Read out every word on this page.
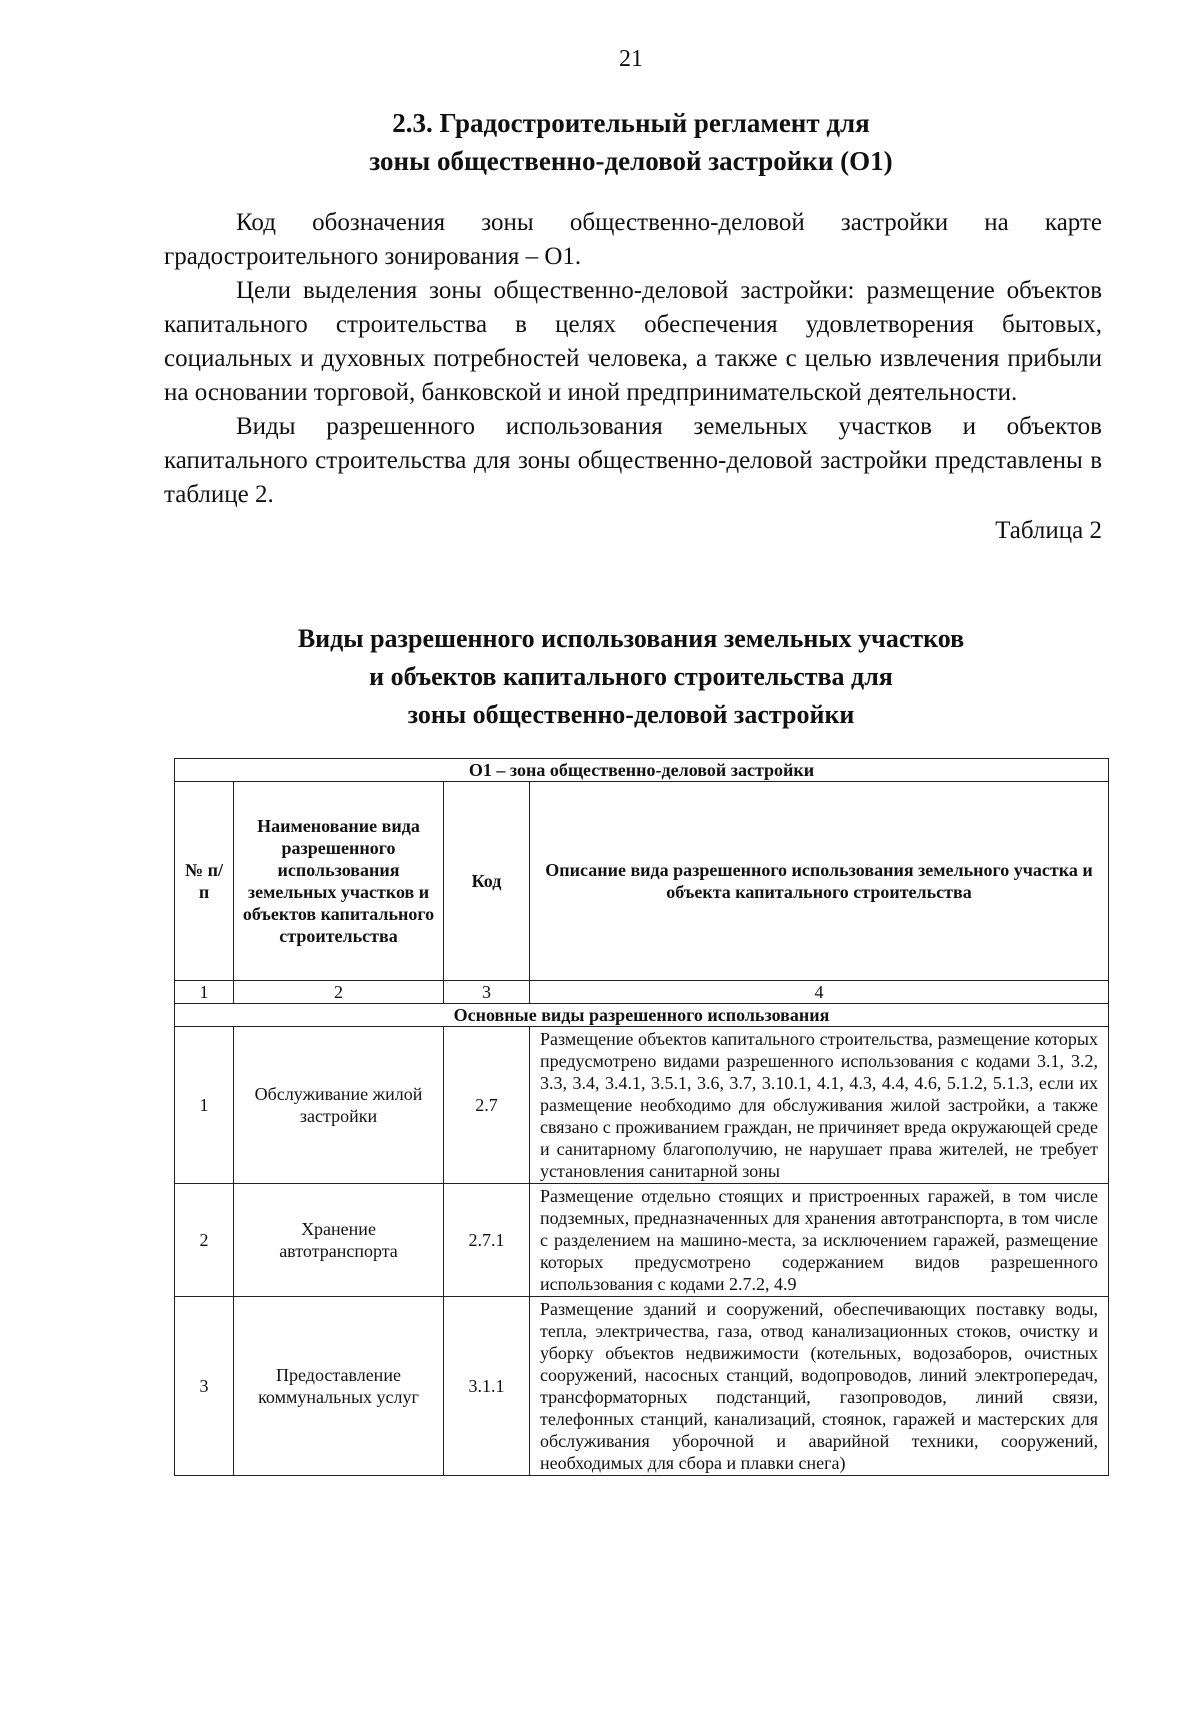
21
2.3. Градостроительный регламент для
зоны общественно-деловой застройки (О1)

Код обозначения зоны общественно-деловой застройки на карте градостроительного зонирования – О1.

Цели выделения зоны общественно-деловой застройки: размещение объектов капитального строительства в целях обеспечения удовлетворения бытовых, социальных и духовных потребностей человека, а также с целью извлечения прибыли на основании торговой, банковской и иной предпринимательской деятельности.

Виды разрешенного использования земельных участков и объектов капитального строительства для зоны общественно-деловой застройки представлены в таблице 2.

Таблица 2
Виды разрешенного использования земельных участков
и объектов капитального строительства для
зоны общественно-деловой застройки
О1 – зона общественно-деловой застройки			
№ п/п	Наименование вида разрешенного использования земельных участков и объектов капитального строительства	Код	Описание вида разрешенного использования земельного участка и объекта капитального строительства
1	2	3	4
Основные виды разрешенного использования			
1	Обслуживание жилой застройки	2.7	Размещение объектов капитального строительства, размещение которых предусмотрено видами разрешенного использования с кодами 3.1, 3.2, 3.3, 3.4, 3.4.1, 3.5.1, 3.6, 3.7, 3.10.1, 4.1, 4.3, 4.4, 4.6, 5.1.2, 5.1.3, если их размещение необходимо для обслуживания жилой застройки, а также связано с проживанием граждан, не причиняет вреда окружающей среде и санитарному благополучию, не нарушает права жителей, не требует установления санитарной зоны
2	Хранение автотранспорта	2.7.1	Размещение отдельно стоящих и пристроенных гаражей, в том числе подземных, предназначенных для хранения автотранспорта, в том числе с разделением на машино-места, за исключением гаражей, размещение которых предусмотрено содержанием видов разрешенного использования с кодами 2.7.2, 4.9
3	Предоставление коммунальных услуг	3.1.1	Размещение зданий и сооружений, обеспечивающих поставку воды, тепла, электричества, газа, отвод канализационных стоков, очистку и уборку объектов недвижимости (котельных, водозаборов, очистных сооружений, насосных станций, водопроводов, линий электропередач, трансформаторных подстанций, газопроводов, линий связи, телефонных станций, канализаций, стоянок, гаражей и мастерских для обслуживания уборочной и аварийной техники, сооружений, необходимых для сбора и плавки снега)
